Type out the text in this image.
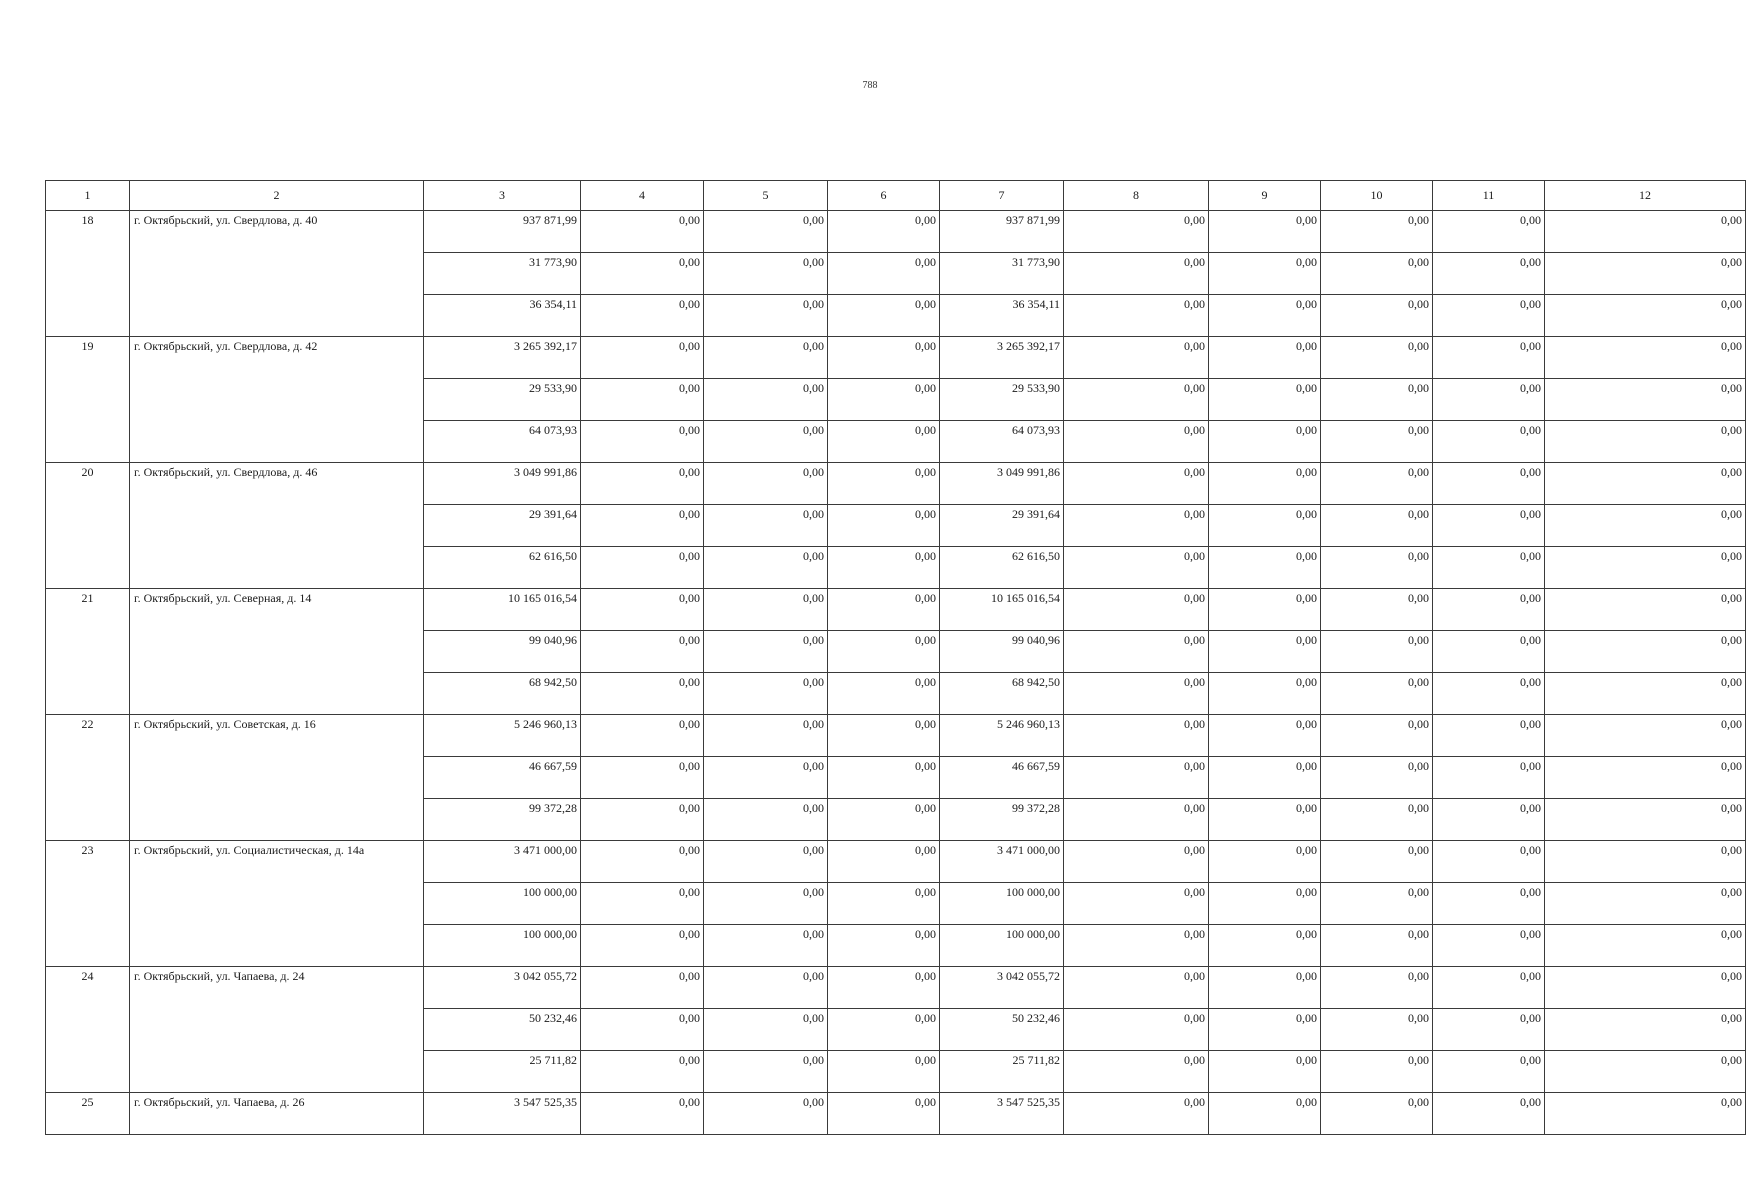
788
1	2	3	4	5	6	7	8	9	10	11	12
18	г. Октябрьский, ул. Свердлова, д. 40	937 871,99	0,00	0,00	0,00	937 871,99	0,00	0,00	0,00	0,00	0,00
		31 773,90	0,00	0,00	0,00	31 773,90	0,00	0,00	0,00	0,00	0,00
		36 354,11	0,00	0,00	0,00	36 354,11	0,00	0,00	0,00	0,00	0,00
19	г. Октябрьский, ул. Свердлова, д. 42	3 265 392,17	0,00	0,00	0,00	3 265 392,17	0,00	0,00	0,00	0,00	0,00
		29 533,90	0,00	0,00	0,00	29 533,90	0,00	0,00	0,00	0,00	0,00
		64 073,93	0,00	0,00	0,00	64 073,93	0,00	0,00	0,00	0,00	0,00
20	г. Октябрьский, ул. Свердлова, д. 46	3 049 991,86	0,00	0,00	0,00	3 049 991,86	0,00	0,00	0,00	0,00	0,00
		29 391,64	0,00	0,00	0,00	29 391,64	0,00	0,00	0,00	0,00	0,00
		62 616,50	0,00	0,00	0,00	62 616,50	0,00	0,00	0,00	0,00	0,00
21	г. Октябрьский, ул. Северная, д. 14	10 165 016,54	0,00	0,00	0,00	10 165 016,54	0,00	0,00	0,00	0,00	0,00
		99 040,96	0,00	0,00	0,00	99 040,96	0,00	0,00	0,00	0,00	0,00
		68 942,50	0,00	0,00	0,00	68 942,50	0,00	0,00	0,00	0,00	0,00
22	г. Октябрьский, ул. Советская, д. 16	5 246 960,13	0,00	0,00	0,00	5 246 960,13	0,00	0,00	0,00	0,00	0,00
		46 667,59	0,00	0,00	0,00	46 667,59	0,00	0,00	0,00	0,00	0,00
		99 372,28	0,00	0,00	0,00	99 372,28	0,00	0,00	0,00	0,00	0,00
23	г. Октябрьский, ул. Социалистическая, д. 14а	3 471 000,00	0,00	0,00	0,00	3 471 000,00	0,00	0,00	0,00	0,00	0,00
		100 000,00	0,00	0,00	0,00	100 000,00	0,00	0,00	0,00	0,00	0,00
		100 000,00	0,00	0,00	0,00	100 000,00	0,00	0,00	0,00	0,00	0,00
24	г. Октябрьский, ул. Чапаева, д. 24	3 042 055,72	0,00	0,00	0,00	3 042 055,72	0,00	0,00	0,00	0,00	0,00
		50 232,46	0,00	0,00	0,00	50 232,46	0,00	0,00	0,00	0,00	0,00
		25 711,82	0,00	0,00	0,00	25 711,82	0,00	0,00	0,00	0,00	0,00
25	г. Октябрьский, ул. Чапаева, д. 26	3 547 525,35	0,00	0,00	0,00	3 547 525,35	0,00	0,00	0,00	0,00	0,00
